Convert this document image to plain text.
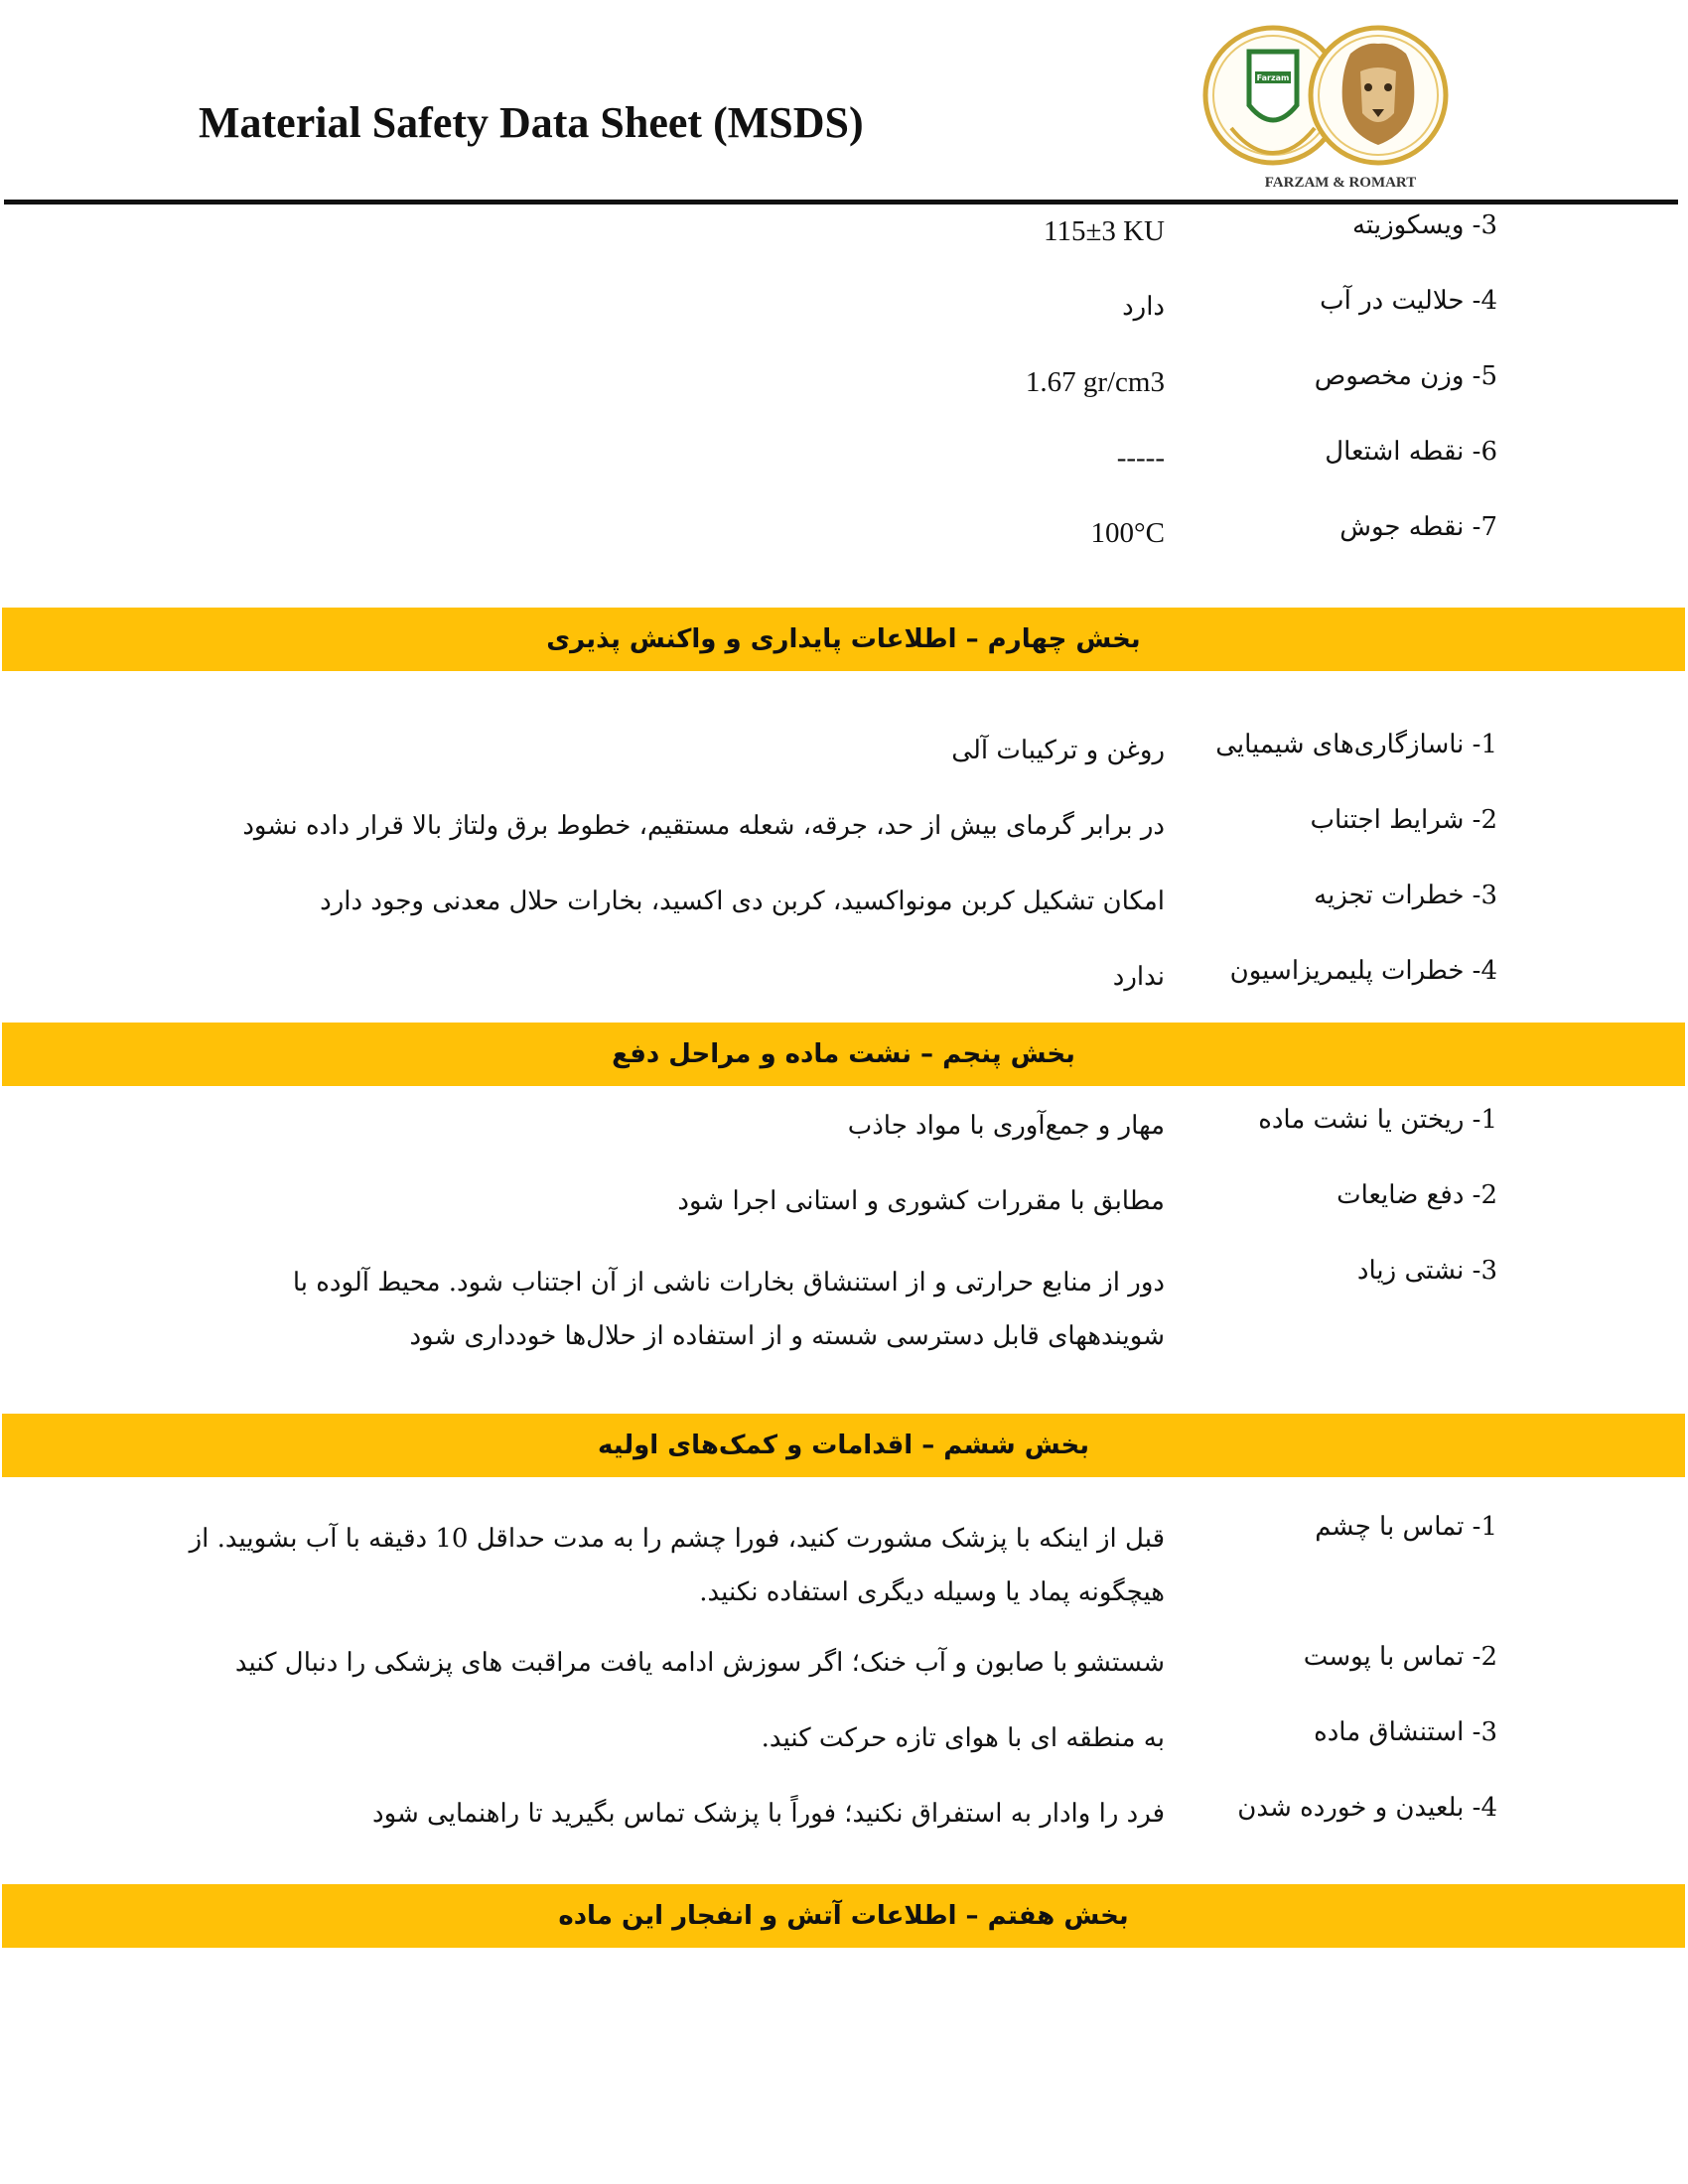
Material Safety Data Sheet (MSDS)
Farzam
FARZAM & ROMART
3- ویسکوزیته
115±3 KU
4- حلالیت در آب
دارد
5- وزن مخصوص
1.67 gr/cm3
6- نقطه اشتعال
-----
7- نقطه جوش
100°C
بخش چهارم – اطلاعات پایداری و واکنش پذیری
1- ناسازگاری‌های شیمیایی
روغن و ترکیبات آلی
2- شرایط اجتناب
در برابر گرمای بیش از حد، جرقه، شعله مستقیم، خطوط برق ولتاژ بالا قرار داده نشود
3- خطرات تجزیه
امکان تشکیل کربن مونواکسید، کربن دی اکسید، بخارات حلال معدنی وجود دارد
4- خطرات پلیمریزاسیون
ندارد
بخش پنجم – نشت ماده و مراحل دفع
1- ریختن یا نشت ماده
مهار و جمع‌آوری با مواد جاذب
2- دفع ضایعات
مطابق با مقررات کشوری و استانی اجرا شود
3- نشتی زیاد
دور از منابع حرارتی و از استنشاق بخارات ناشی از آن اجتناب شود. محیط آلوده با شویندههای قابل دسترسی شسته و از استفاده از حلال‌ها خودداری شود
بخش ششم – اقدامات و کمک‌های اولیه
1- تماس با چشم
قبل از اینکه با پزشک مشورت کنید، فورا چشم را به مدت حداقل 10 دقیقه با آب بشویید. از هیچگونه پماد یا وسیله دیگری استفاده نکنید.
2- تماس با پوست
شستشو با صابون و آب خنک؛ اگر سوزش ادامه یافت مراقبت های پزشکی را دنبال کنید
3- استنشاق ماده
به منطقه ای با هوای تازه حرکت کنید.
4- بلعیدن و خورده شدن
فرد را وادار به استفراق نکنید؛ فوراً با پزشک تماس بگیرید تا راهنمایی شود
بخش هفتم – اطلاعات آتش و انفجار این ماده
